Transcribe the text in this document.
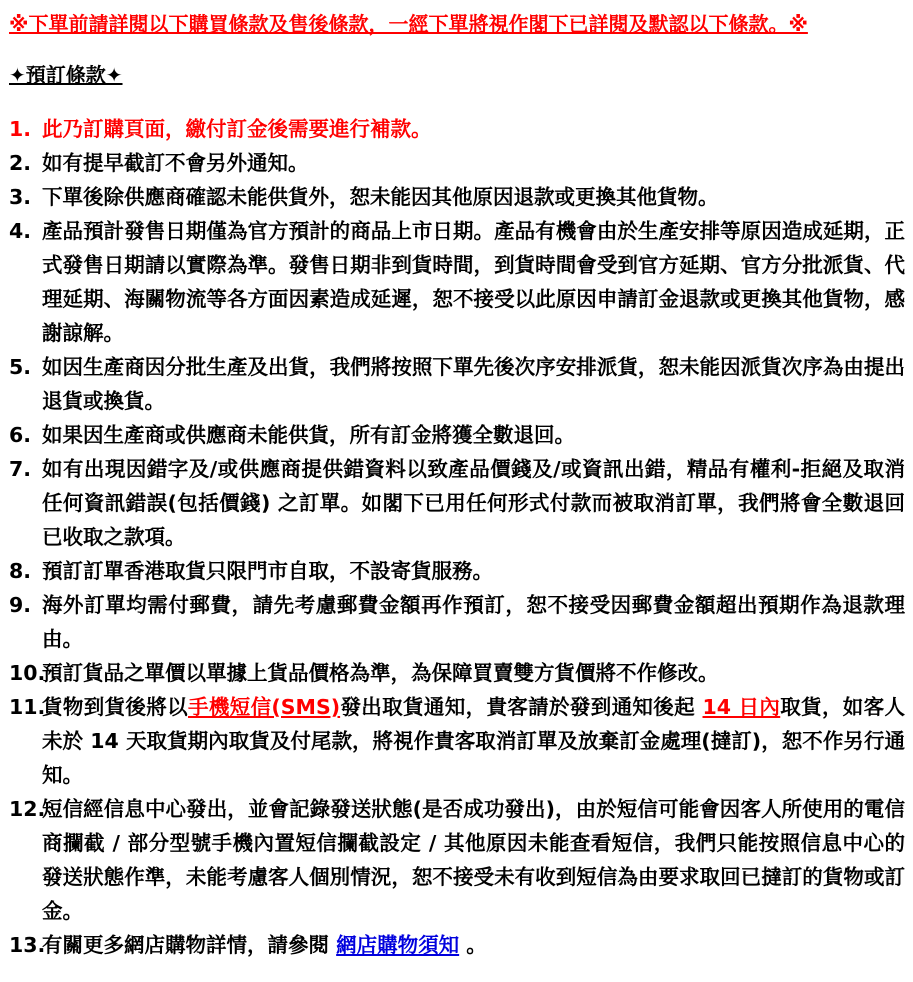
※下單前請詳閱以下購買條款及售後條款，一經下單將視作閣下已詳閱及默認以下條款。※
✦預訂條款✦
1. 此乃訂購頁面，繳付訂金後需要進行補款。
2. 如有提早截訂不會另外通知。
3. 下單後除供應商確認未能供貨外，恕未能因其他原因退款或更換其他貨物。
4. 產品預計發售日期僅為官方預計的商品上市日期。產品有機會由於生產安排等原因造成延期，正式發售日期請以實際為準。發售日期非到貨時間，到貨時間會受到官方延期、官方分批派貨、代理延期、海關物流等各方面因素造成延遲，恕不接受以此原因申請訂金退款或更換其他貨物，感謝諒解。
5. 如因生產商因分批生產及出貨，我們將按照下單先後次序安排派貨，恕未能因派貨次序為由提出退貨或換貨。
6. 如果因生產商或供應商未能供貨，所有訂金將獲全數退回。
7. 如有出現因錯字及/或供應商提供錯資料以致產品價錢及/或資訊出錯，精品有權利-拒絕及取消任何資訊錯誤(包括價錢) 之訂單。如閣下已用任何形式付款而被取消訂單，我們將會全數退回已收取之款項。
8. 預訂訂單香港取貨只限門市自取，不設寄貨服務。
9. 海外訂單均需付郵費，請先考慮郵費金額再作預訂，恕不接受因郵費金額超出預期作為退款理由。
10.
預訂貨品之單價以單據上貨品價格為準，為保障買賣雙方貨價將不作修改。
11.
貨物到貨後將以手機短信(SMS)發出取貨通知，貴客請於發到通知後起 14 日內取貨，如客人未於 14 天取貨期內取貨及付尾款，將視作貴客取消訂單及放棄訂金處理(撻訂)，恕不作另行通知。
12.
短信經信息中心發出，並會記錄發送狀態(是否成功發出)，由於短信可能會因客人所使用的電信商攔截 / 部分型號手機內置短信攔截設定 / 其他原因未能查看短信，我們只能按照信息中心的發送狀態作準，未能考慮客人個別情況，恕不接受未有收到短信為由要求取回已撻訂的貨物或訂金。
13.
有關更多網店購物詳情，請參閱 網店購物須知 。
